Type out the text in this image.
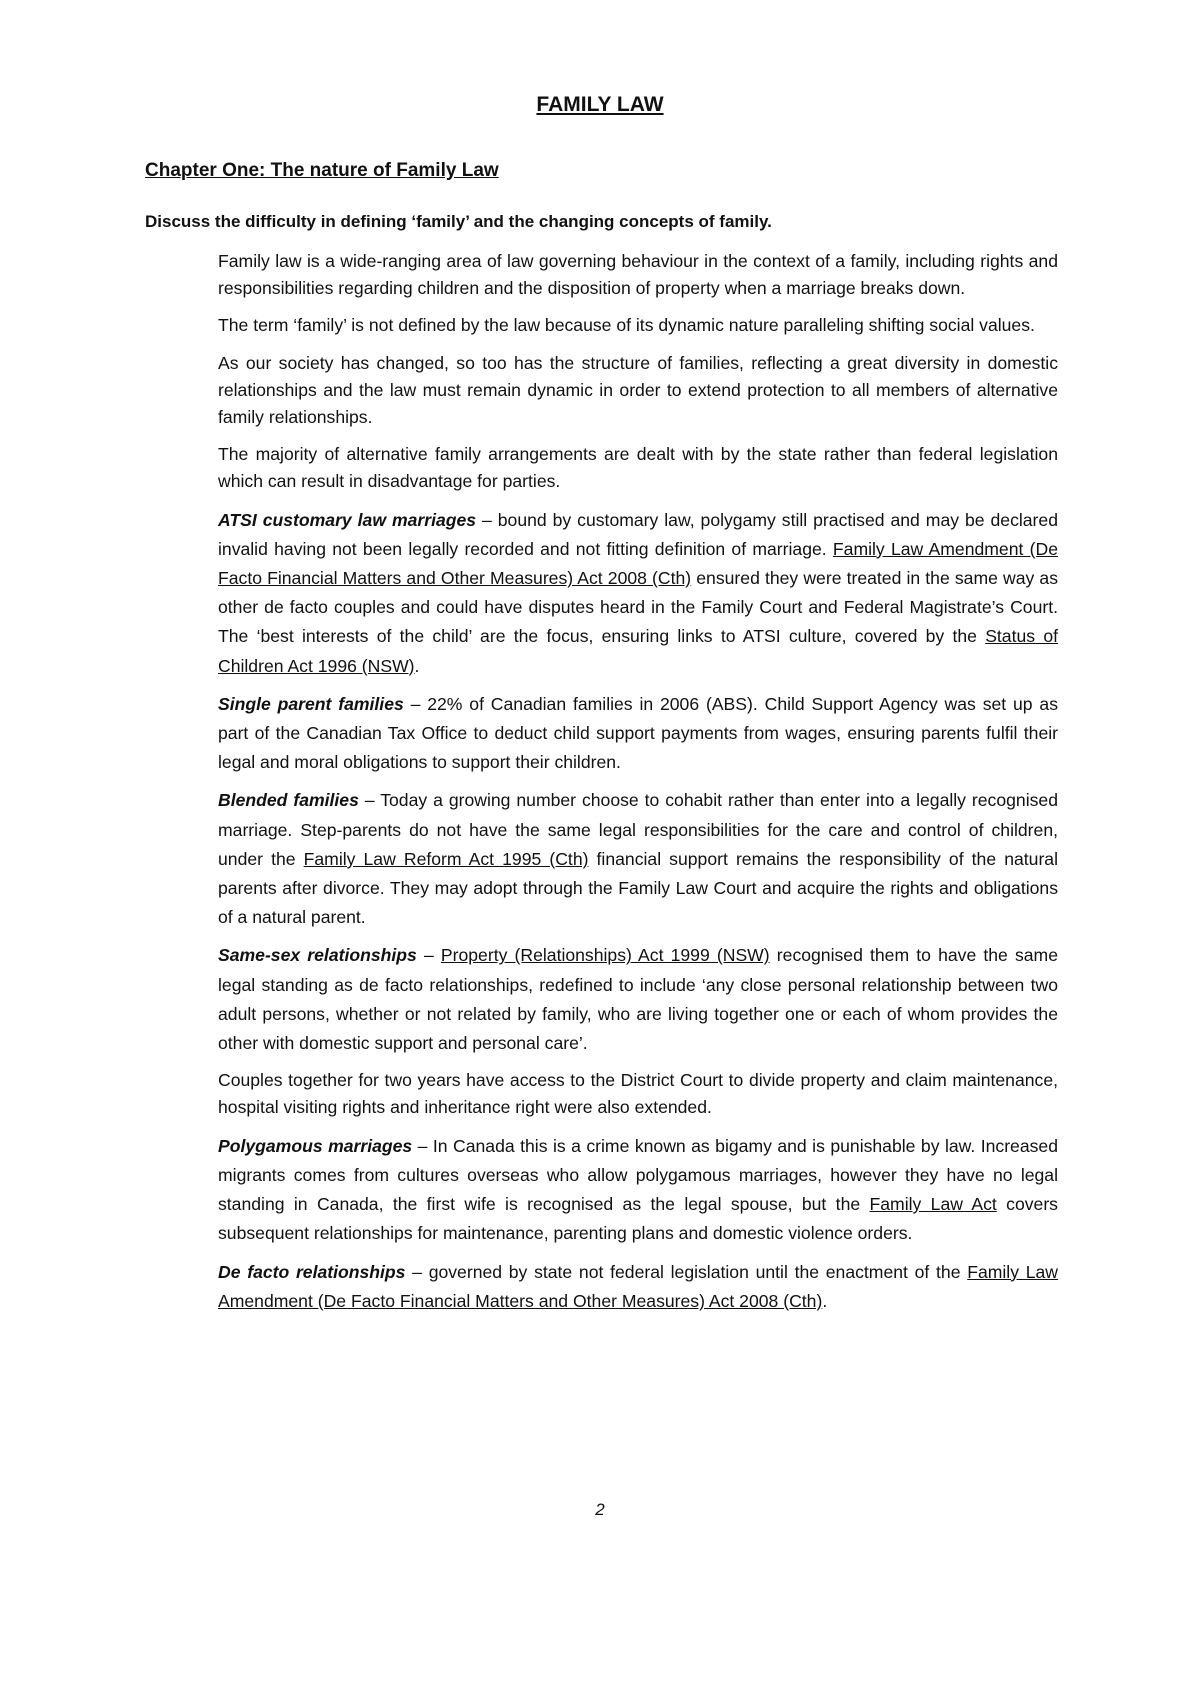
FAMILY LAW
Chapter One: The nature of Family Law

Discuss the difficulty in defining ‘family’ and the changing concepts of family.

Family law is a wide-ranging area of law governing behaviour in the context of a family, including rights and responsibilities regarding children and the disposition of property when a marriage breaks down.

The term ‘family’ is not defined by the law because of its dynamic nature paralleling shifting social values.

As our society has changed, so too has the structure of families, reflecting a great diversity in domestic relationships and the law must remain dynamic in order to extend protection to all members of alternative family relationships.

The majority of alternative family arrangements are dealt with by the state rather than federal legislation which can result in disadvantage for parties.

ATSI customary law marriages – bound by customary law, polygamy still practised and may be declared invalid having not been legally recorded and not fitting definition of marriage. Family Law Amendment (De Facto Financial Matters and Other Measures) Act 2008 (Cth) ensured they were treated in the same way as other de facto couples and could have disputes heard in the Family Court and Federal Magistrate’s Court. The ‘best interests of the child’ are the focus, ensuring links to ATSI culture, covered by the Status of Children Act 1996 (NSW).

Single parent families – 22% of Canadian families in 2006 (ABS). Child Support Agency was set up as part of the Canadian Tax Office to deduct child support payments from wages, ensuring parents fulfil their legal and moral obligations to support their children.

Blended families – Today a growing number choose to cohabit rather than enter into a legally recognised marriage. Step-parents do not have the same legal responsibilities for the care and control of children, under the Family Law Reform Act 1995 (Cth) financial support remains the responsibility of the natural parents after divorce. They may adopt through the Family Law Court and acquire the rights and obligations of a natural parent.

Same-sex relationships – Property (Relationships) Act 1999 (NSW) recognised them to have the same legal standing as de facto relationships, redefined to include ‘any close personal relationship between two adult persons, whether or not related by family, who are living together one or each of whom provides the other with domestic support and personal care’.

Couples together for two years have access to the District Court to divide property and claim maintenance, hospital visiting rights and inheritance right were also extended.

Polygamous marriages – In Canada this is a crime known as bigamy and is punishable by law. Increased migrants comes from cultures overseas who allow polygamous marriages, however they have no legal standing in Canada, the first wife is recognised as the legal spouse, but the Family Law Act covers subsequent relationships for maintenance, parenting plans and domestic violence orders.

De facto relationships – governed by state not federal legislation until the enactment of the Family Law Amendment (De Facto Financial Matters and Other Measures) Act 2008 (Cth).

2
